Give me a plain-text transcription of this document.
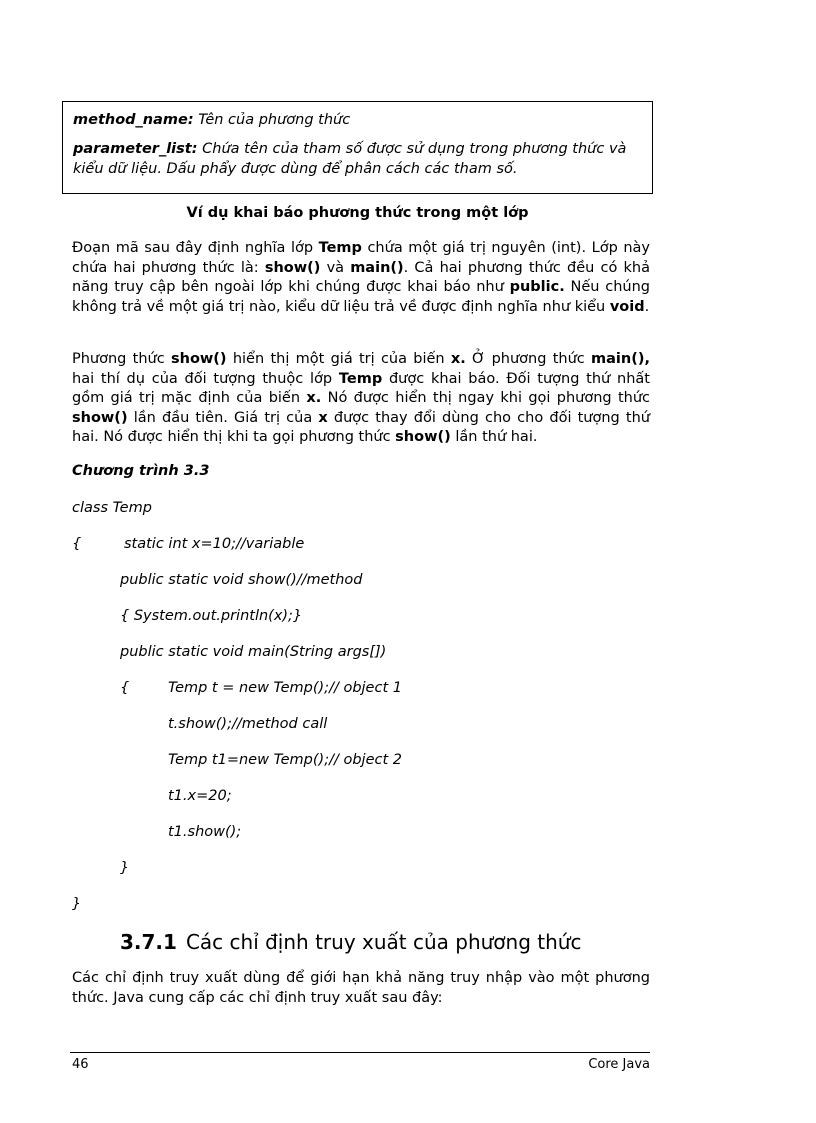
method_name: Tên của phương thức

parameter_list: Chứa tên của tham số được sử dụng trong phương thức và kiểu dữ liệu. Dấu phẩy được dùng để phân cách các tham số.

Ví dụ khai báo phương thức trong một lớp

Đoạn mã sau đây định nghĩa lớp Temp chứa một giá trị nguyên (int). Lớp này chứa hai phương thức là: show() và main(). Cả hai phương thức đều có khả năng truy cập bên ngoài lớp khi chúng được khai báo như public. Nếu chúng không trả về một giá trị nào, kiểu dữ liệu trả về được định nghĩa như kiểu void.

Phương thức show() hiển thị một giá trị của biến x. Ở phương thức main(), hai thí dụ của đối tượng thuộc lớp Temp được khai báo. Đối tượng thứ nhất gồm giá trị mặc định của biến x. Nó được hiển thị ngay khi gọi phương thức show() lần đầu tiên. Giá trị của x được thay đổi dùng cho cho đối tượng thứ hai. Nó được hiển thị khi ta gọi phương thức show() lần thứ hai.

Chương trình 3.3
class Temp
{	static int x=10;//variable
public static void show()//method
{ System.out.println(x);}
public static void main(String args[])
{	Temp t = new Temp();// object 1
t.show();//method call
Temp t1=new Temp();// object 2
t1.x=20;
t1.show();
}
}
3.7.1 Các chỉ định truy xuất của phương thức

Các chỉ định truy xuất dùng để giới hạn khả năng truy nhập vào một phương thức. Java cung cấp các chỉ định truy xuất sau đây:

46	Core Java
